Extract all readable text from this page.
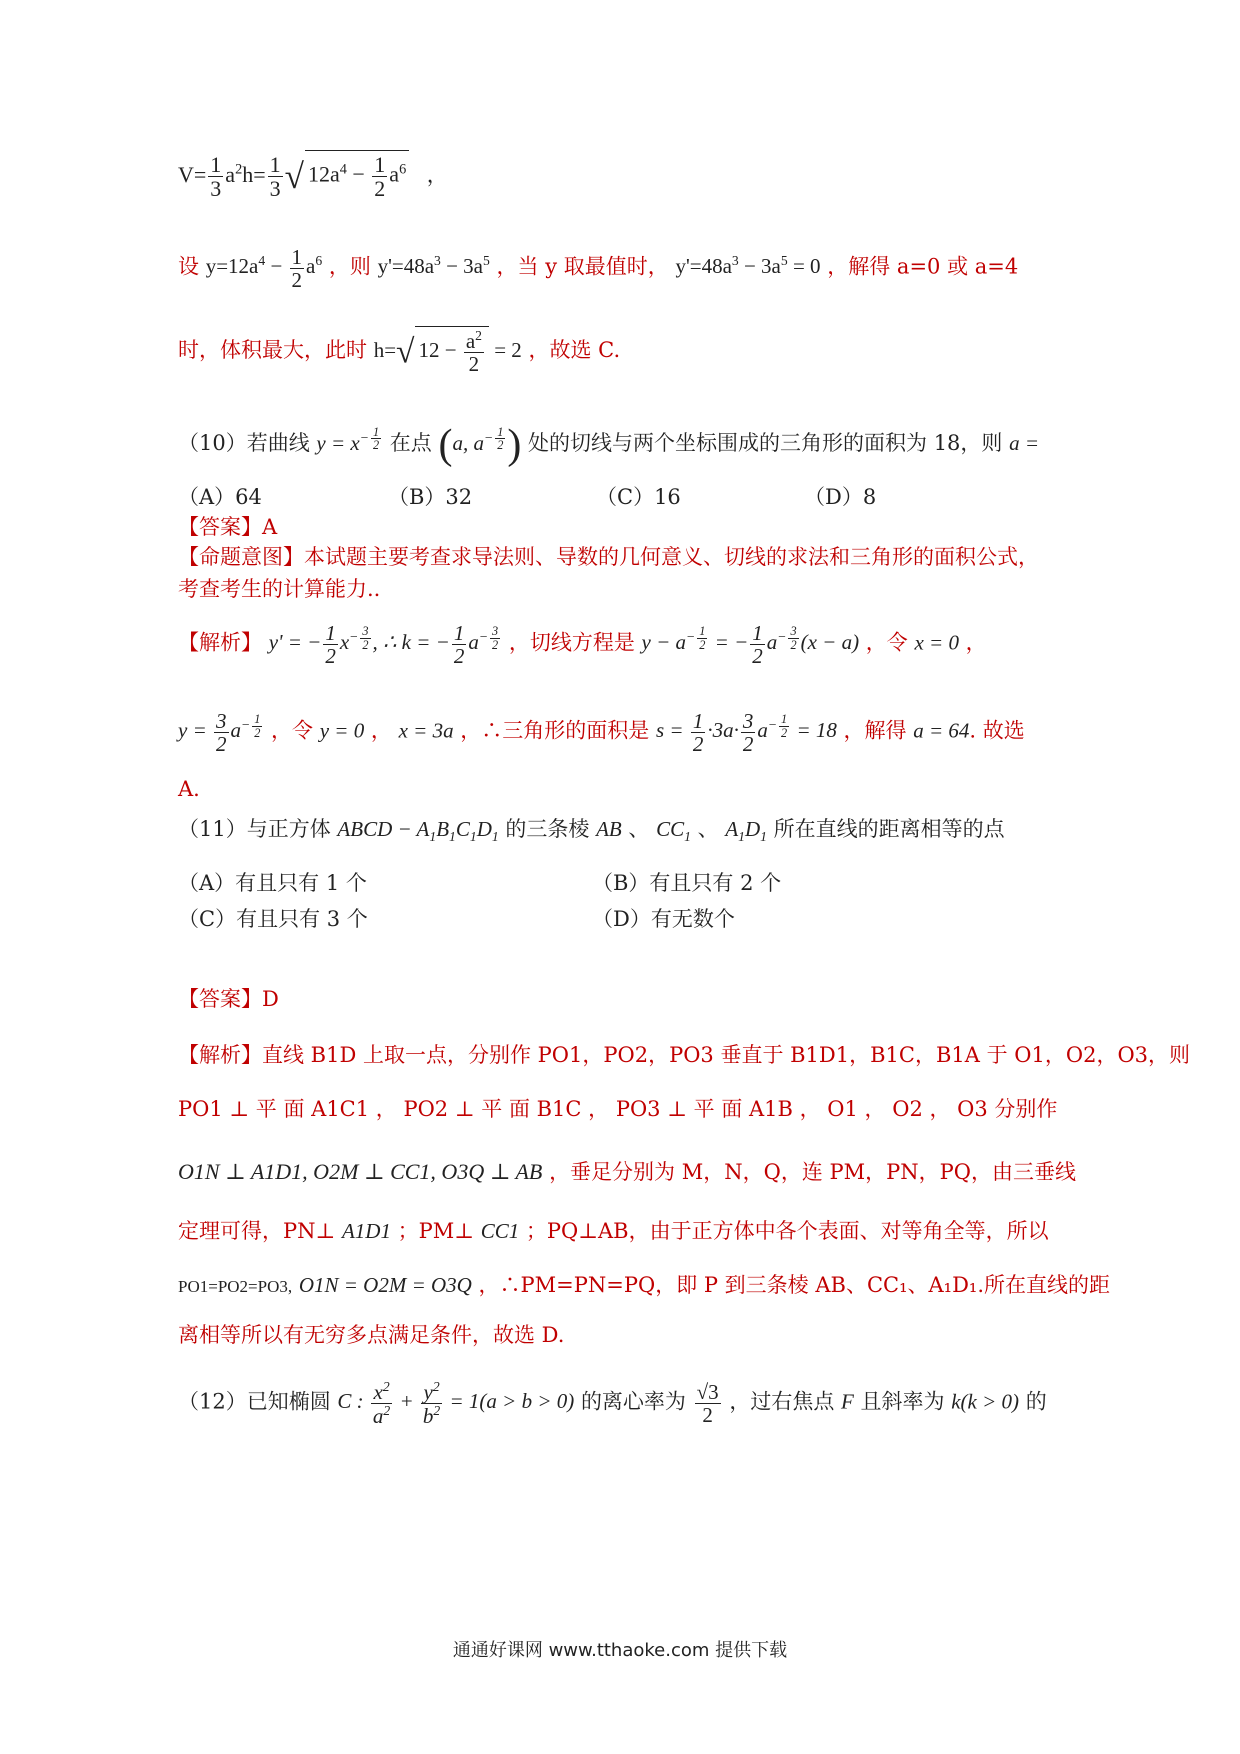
$V= \frac{1}{3} a^2h= \frac{1}{3}$ √ $12a^4 - \frac{1}{2} a^6$ ，
设 $y=12a^4 - \frac{1}{2} a^6$ ，则 $y'=48a^3 - 3a^5$ ，当 y 取最值时， $y'=48a^3 - 3a^5 = 0$ ，解得 a=0 或 a=4
时，体积最大，此时 h=√ $12 - \frac{a^2}{2} = 2$ ，故选 C.
（10）若曲线 $y = x^{- \frac{1}{2}}$ 在点 (a, $a^{- \frac{1}{2}}$ ) 处的切线与两个坐标围成的三角形的面积为 18，则 a =
（A）64	（B）32	（C）16	（D）8
【答案】A
【命题意图】本试题主要考查求导法则、导数的几何意义、切线的求法和三角形的面积公式，
考查考生的计算能力..
【解析】 y' = − $\frac{1}{2} x^{- \frac{3}{2}}$ , ∴ k = − $\frac{1}{2} a^{- \frac{3}{2}}$ ，切线方程是 $y - a^{- \frac{1}{2}}$ = − $\frac{1}{2} a^{- \frac{3}{2}}$ (x − a) ，令 x = 0 ，
$y = \frac{3}{2} a^{- \frac{1}{2}}$ ，令 y = 0 ， x = 3a ，∴三角形的面积是 $s = \frac{1}{2} \cdot 3a\cdot \frac{3}{2} a^{- \frac{1}{2}} = 18$ ，解得 a = 64. 故选
A.
（11）与正方体 ABCD − $A_1B_1C_1D_1$ 的三条棱 AB 、 $CC_1$ 、 $A_1D_1$ 所在直线的距离相等的点
（A）有且只有 1 个	（B）有且只有 2 个
（C）有且只有 3 个	（D）有无数个
【答案】D
【解析】直线 B1D 上取一点，分别作 PO1，PO2，PO3 垂直于 B1D1，B1C，B1A 于 O1，O2，O3，则
PO1 ⊥ 平 面 A1C1 ， PO2 ⊥ 平 面 B1C ， PO3 ⊥ 平 面 A1B ， O1 ， O2 ， O3 分别作
O1N ⊥ A1D1, O2M ⊥ CC1, O3Q ⊥ AB ，垂足分别为 M，N，Q，连 PM，PN，PQ，由三垂线
定理可得，PN⊥ A1D1 ；PM⊥ CC1 ；PQ⊥AB，由于正方体中各个表面、对等角全等，所以
PO1=PO2=PO3, O1N = O2M = O3Q ，∴PM=PN=PQ，即 P 到三条棱 AB、CC₁、A₁D₁.所在直线的距
离相等所以有无穷多点满足条件，故选 D.
（12）已知椭圆 C : $\frac{x^2}{a^2} + \frac{y^2}{b^2} = 1(a > b > 0)$ 的离心率为 $\frac{√3}{2}$ ，过右焦点 F 且斜率为 k(k > 0) 的
通通好课网 www.tthaoke.com 提供下载
